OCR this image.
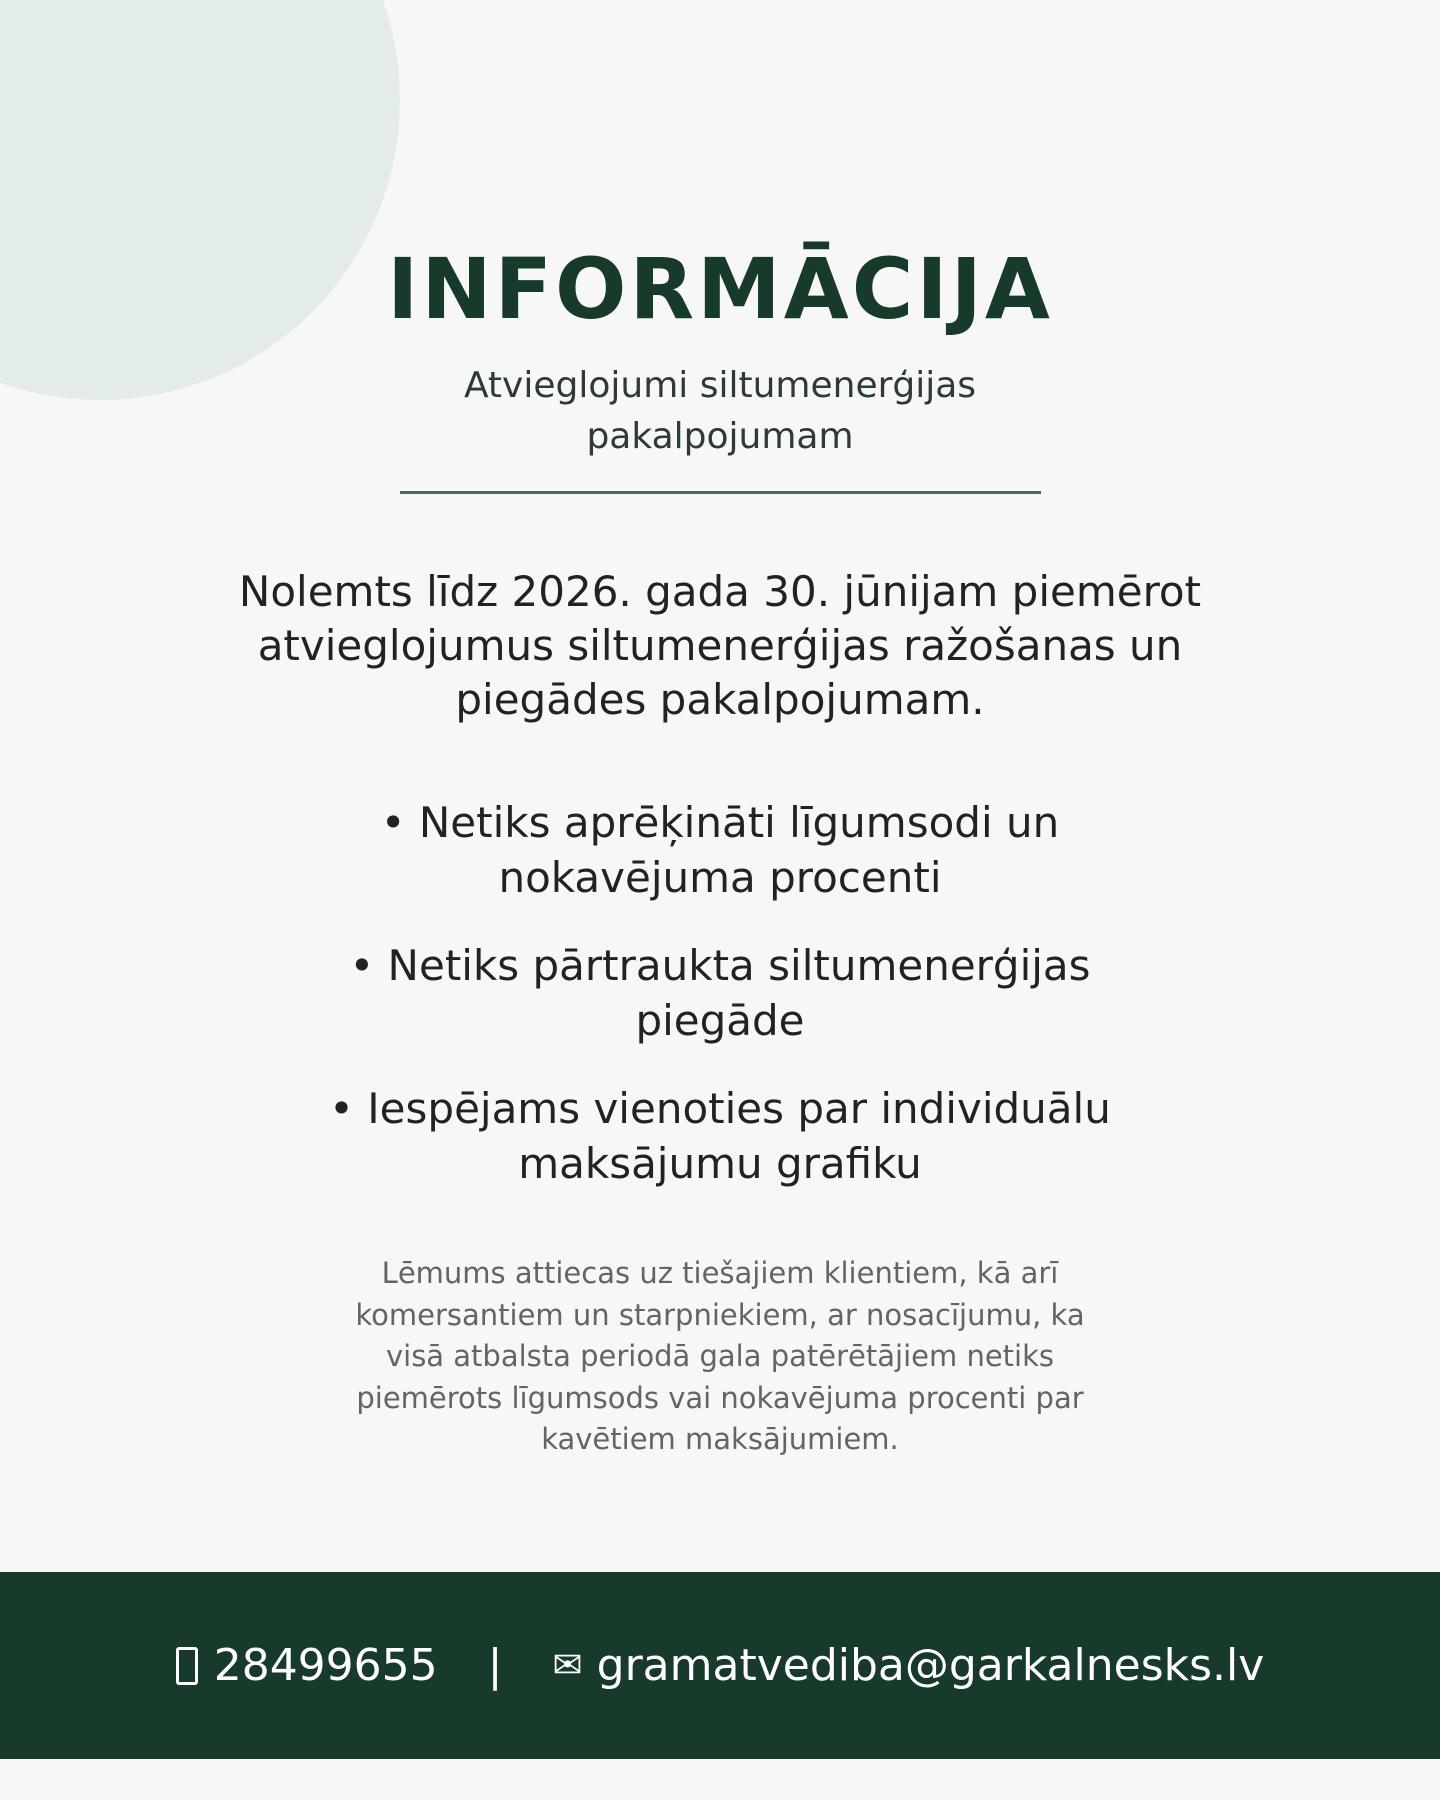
INFORMĀCIJA
Atvieglojumi siltumenerģijas pakalpojumam

Nolemts līdz 2026. gada 30. jūnijam piemērot atvieglojumus siltumenerģijas ražošanas un piegādes pakalpojumam.

• Netiks aprēķināti līgumsodi un nokavējuma procenti
• Netiks pārtraukta siltumenerģijas piegāde
• Iespējams vienoties par individuālu maksājumu grafiku

Lēmums attiecas uz tiešajiem klientiem, kā arī komersantiem un starpniekiem, ar nosacījumu, ka visā atbalsta periodā gala patērētājiem netiks piemērots līgumsods vai nokavējuma procenti par kavētiem maksājumiem.

28499655 | ✉ gramatvediba@garkalnesks.lv
